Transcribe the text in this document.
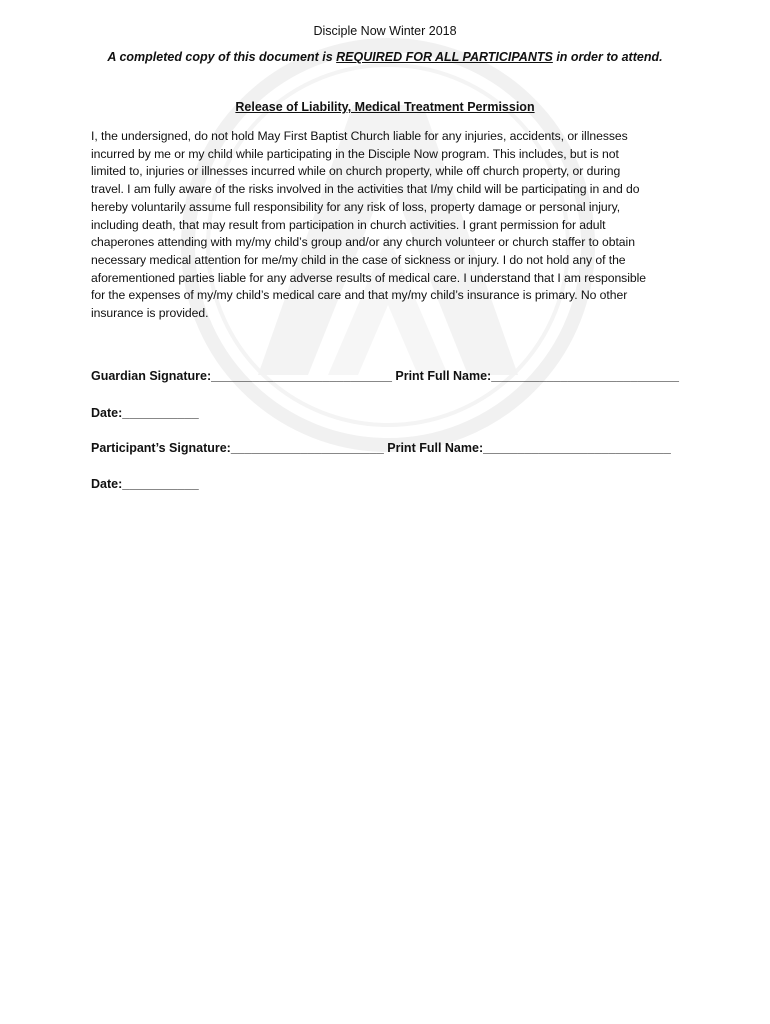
Disciple Now Winter 2018
A completed copy of this document is REQUIRED FOR ALL PARTICIPANTS in order to attend.
Release of Liability, Medical Treatment Permission

I, the undersigned, do not hold May First Baptist Church liable for any injuries, accidents, or illnesses

incurred by me or my child while participating in the Disciple Now program. This includes, but is not

limited to, injuries or illnesses incurred while on church property, while off church property, or during

travel. I am fully aware of the risks involved in the activities that I/my child will be participating in and do

hereby voluntarily assume full responsibility for any risk of loss, property damage or personal injury,

including death, that may result from participation in church activities. I grant permission for adult

chaperones attending with my/my child’s group and/or any church volunteer or church staffer to obtain

necessary medical attention for me/my child in the case of sickness or injury. I do not hold any of the

aforementioned parties liable for any adverse results of medical care. I understand that I am responsible

for the expenses of my/my child’s medical care and that my/my child’s insurance is primary. No other

insurance is provided.

Guardian Signature:__________________________ Print Full Name:___________________________
Date:___________
Participant’s Signature:______________________ Print Full Name:___________________________
Date:___________
